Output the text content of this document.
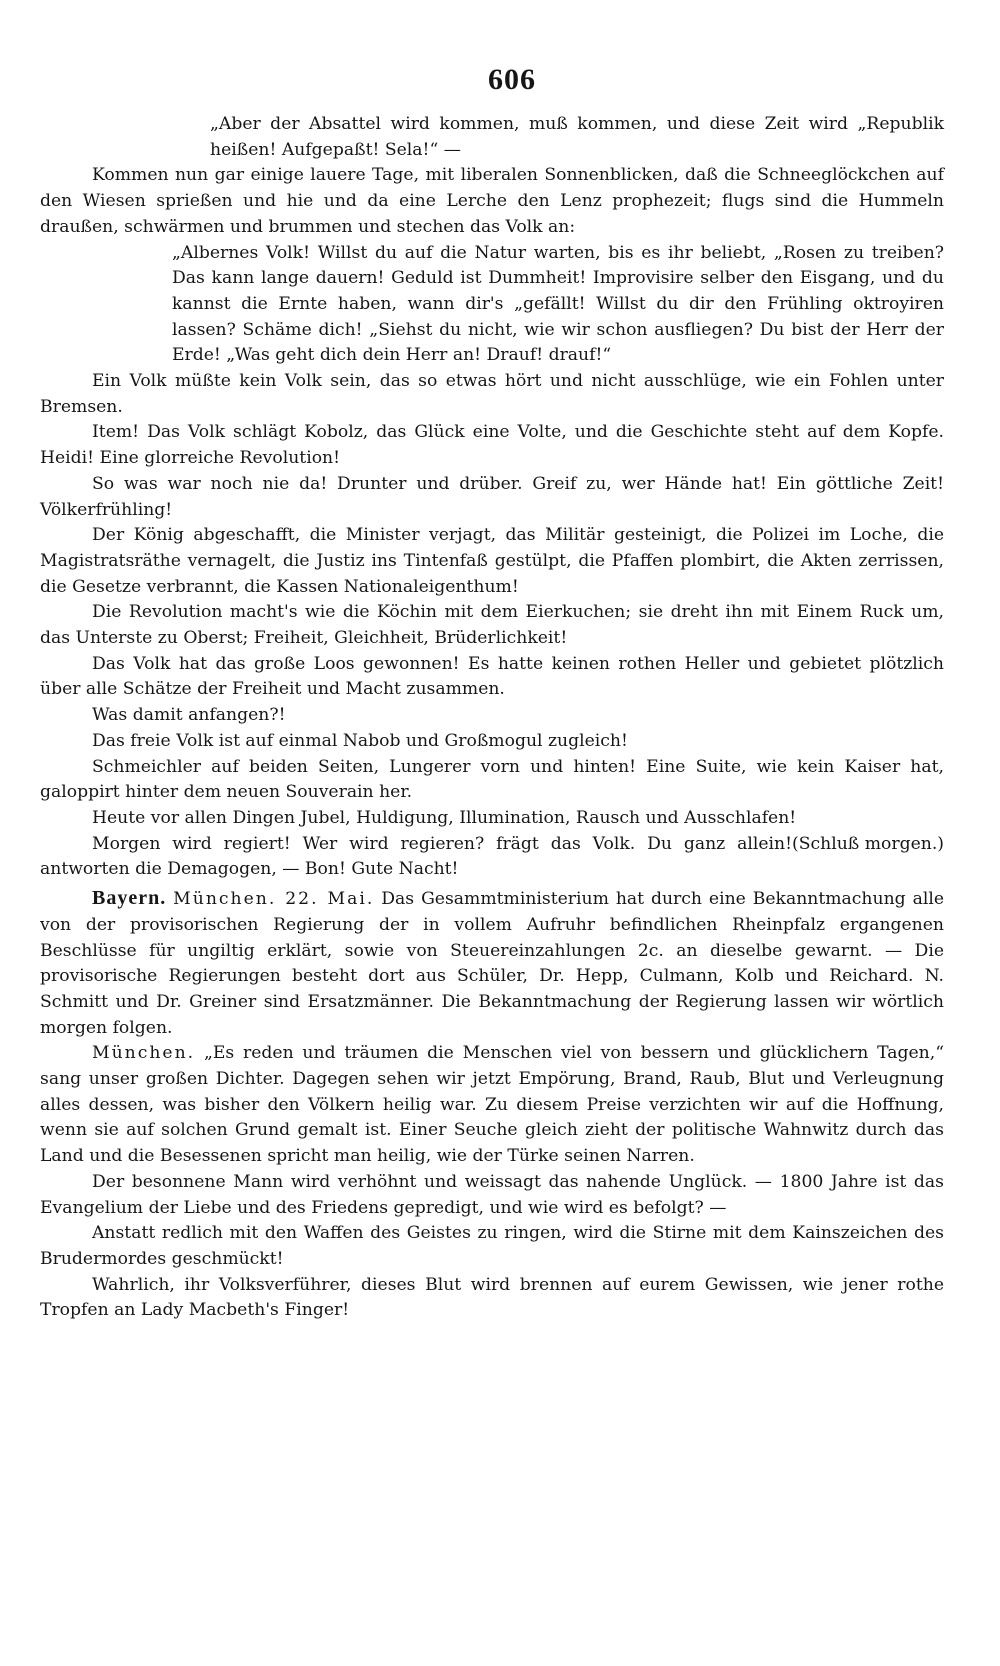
606

„Aber der Absattel wird kommen, muß kommen, und diese Zeit wird „Republik heißen! Aufgepaßt! Sela!“ —

Kommen nun gar einige lauere Tage, mit liberalen Sonnenblicken, daß die Schneeglöckchen auf den Wiesen sprießen und hie und da eine Lerche den Lenz prophezeit; flugs sind die Hummeln draußen, schwärmen und brummen und stechen das Volk an:

„Albernes Volk! Willst du auf die Natur warten, bis es ihr beliebt, „Rosen zu treiben? Das kann lange dauern! Geduld ist Dummheit! Improvisire selber den Eisgang, und du kannst die Ernte haben, wann dir's „gefällt! Willst du dir den Frühling oktroyiren lassen? Schäme dich! „Siehst du nicht, wie wir schon ausfliegen? Du bist der Herr der Erde! „Was geht dich dein Herr an! Drauf! drauf!“

Ein Volk müßte kein Volk sein, das so etwas hört und nicht ausschlüge, wie ein Fohlen unter Bremsen.

Item! Das Volk schlägt Kobolz, das Glück eine Volte, und die Geschichte steht auf dem Kopfe. Heidi! Eine glorreiche Revolution!

So was war noch nie da! Drunter und drüber. Greif zu, wer Hände hat! Ein göttliche Zeit! Völkerfrühling!

Der König abgeschafft, die Minister verjagt, das Militär gesteinigt, die Polizei im Loche, die Magistratsräthe vernagelt, die Justiz ins Tintenfaß gestülpt, die Pfaffen plombirt, die Akten zerrissen, die Gesetze verbrannt, die Kassen Nationaleigenthum!

Die Revolution macht's wie die Köchin mit dem Eierkuchen; sie dreht ihn mit Einem Ruck um, das Unterste zu Oberst; Freiheit, Gleichheit, Brüderlichkeit!

Das Volk hat das große Loos gewonnen! Es hatte keinen rothen Heller und gebietet plötzlich über alle Schätze der Freiheit und Macht zusammen.

Was damit anfangen?!

Das freie Volk ist auf einmal Nabob und Großmogul zugleich!

Schmeichler auf beiden Seiten, Lungerer vorn und hinten! Eine Suite, wie kein Kaiser hat, galoppirt hinter dem neuen Souverain her.

Heute vor allen Dingen Jubel, Huldigung, Illumination, Rausch und Ausschlafen!

(Schluß morgen.)
Morgen wird regiert! Wer wird regieren? frägt das Volk. Du ganz allein! antworten die Demagogen, — Bon! Gute Nacht!

Bayern. München. 22. Mai. Das Gesammtministerium hat durch eine Bekanntmachung alle von der provisorischen Regierung der in vollem Aufruhr befindlichen Rheinpfalz ergangenen Beschlüsse für ungiltig erklärt, sowie von Steuereinzahlungen 2c. an dieselbe gewarnt. — Die provisorische Regierungen besteht dort aus Schüler, Dr. Hepp, Culmann, Kolb und Reichard. N. Schmitt und Dr. Greiner sind Ersatzmänner. Die Bekanntmachung der Regierung lassen wir wörtlich morgen folgen.

München. „Es reden und träumen die Menschen viel von bessern und glücklichern Tagen,“ sang unser großen Dichter. Dagegen sehen wir jetzt Empörung, Brand, Raub, Blut und Verleugnung alles dessen, was bisher den Völkern heilig war. Zu diesem Preise verzichten wir auf die Hoffnung, wenn sie auf solchen Grund gemalt ist. Einer Seuche gleich zieht der politische Wahnwitz durch das Land und die Besessenen spricht man heilig, wie der Türke seinen Narren.

Der besonnene Mann wird verhöhnt und weissagt das nahende Unglück. — 1800 Jahre ist das Evangelium der Liebe und des Friedens gepredigt, und wie wird es befolgt? —

Anstatt redlich mit den Waffen des Geistes zu ringen, wird die Stirne mit dem Kainszeichen des Brudermordes geschmückt!

Wahrlich, ihr Volksverführer, dieses Blut wird brennen auf eurem Gewissen, wie jener rothe Tropfen an Lady Macbeth's Finger!
